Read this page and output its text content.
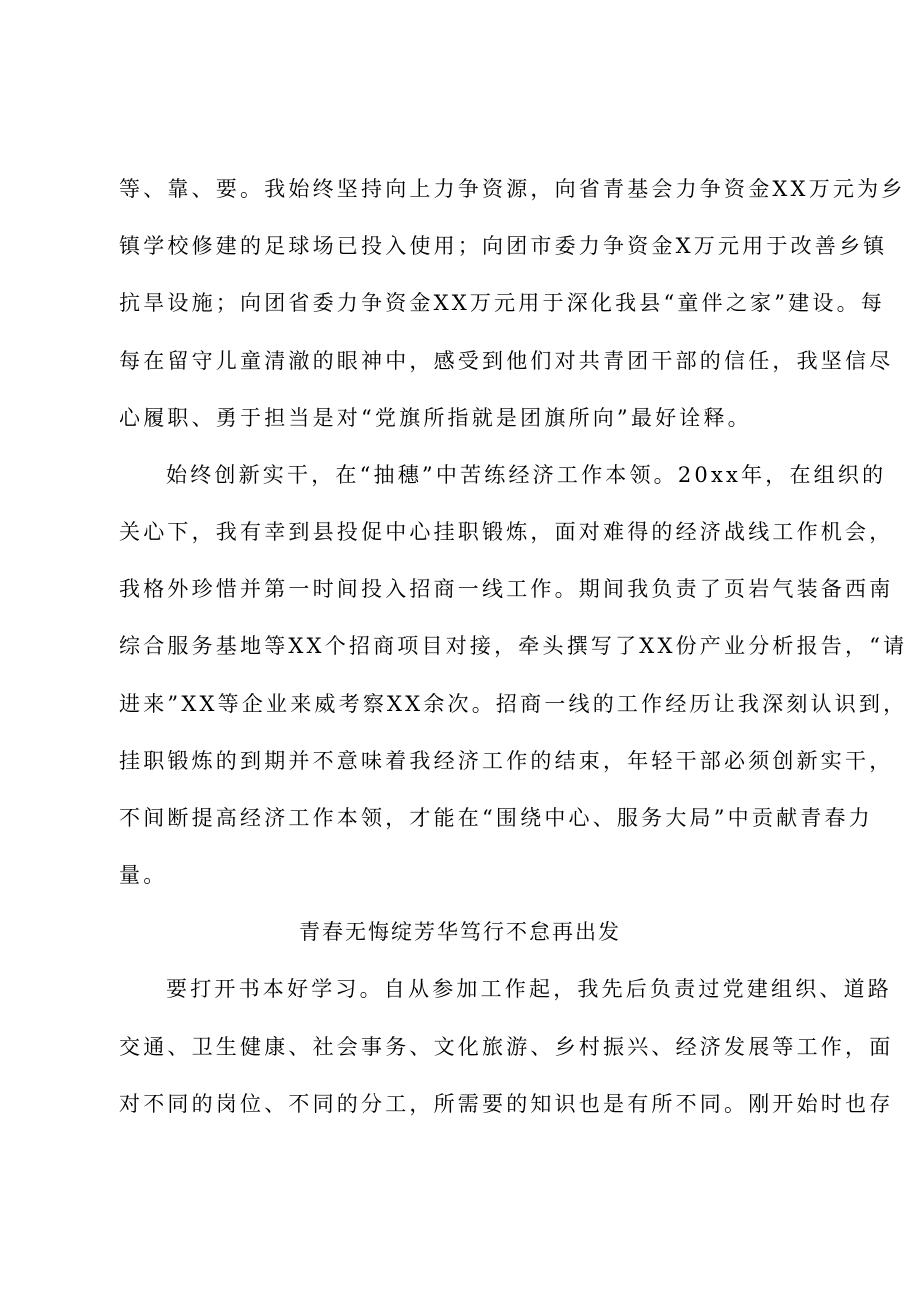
等、靠、要。我始终坚持向上力争资源，向省青基会力争资金XX万元为乡
镇学校修建的足球场已投入使用；向团市委力争资金X万元用于改善乡镇
抗旱设施；向团省委力争资金XX万元用于深化我县“童伴之家”建设。每
每在留守儿童清澈的眼神中，感受到他们对共青团干部的信任，我坚信尽
心履职、勇于担当是对“党旗所指就是团旗所向”最好诠释。
始终创新实干，在“抽穗”中苦练经济工作本领。20xx年，在组织的
关心下，我有幸到县投促中心挂职锻炼，面对难得的经济战线工作机会，
我格外珍惜并第一时间投入招商一线工作。期间我负责了页岩气装备西南
综合服务基地等XX个招商项目对接，牵头撰写了XX份产业分析报告，“请
进来”XX等企业来威考察XX余次。招商一线的工作经历让我深刻认识到，
挂职锻炼的到期并不意味着我经济工作的结束，年轻干部必须创新实干，
不间断提高经济工作本领，才能在“围绕中心、服务大局”中贡献青春力
量。
青春无悔绽芳华笃行不怠再出发
要打开书本好学习。自从参加工作起，我先后负责过党建组织、道路
交通、卫生健康、社会事务、文化旅游、乡村振兴、经济发展等工作，面
对不同的岗位、不同的分工，所需要的知识也是有所不同。刚开始时也存
